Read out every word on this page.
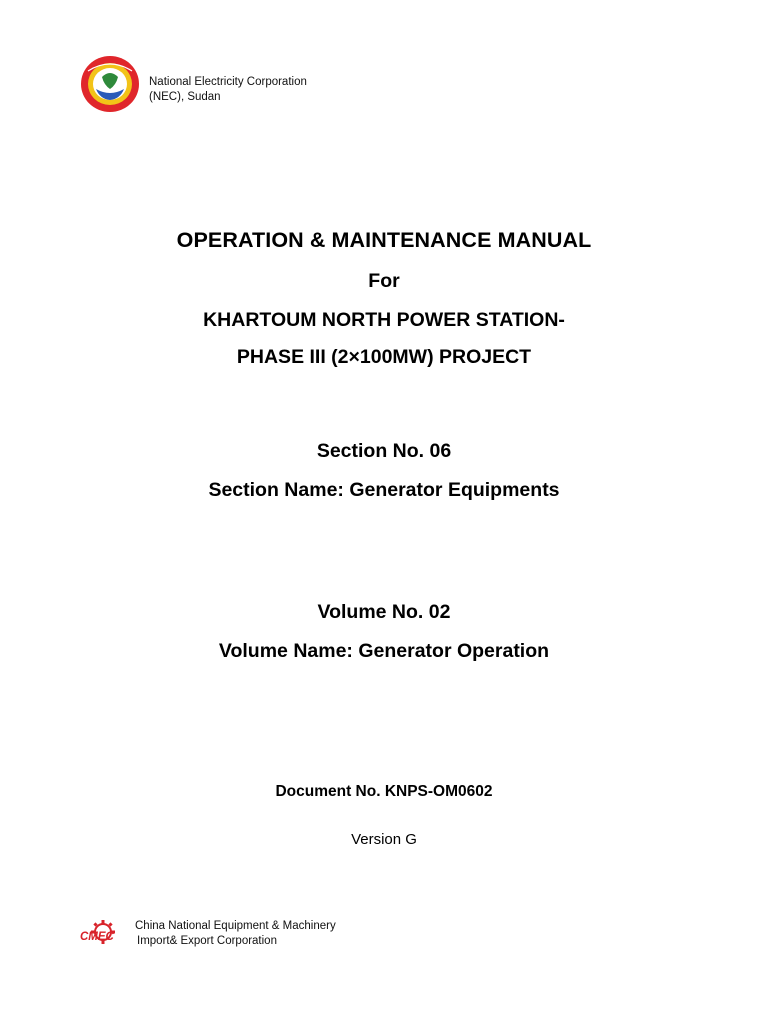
National Electricity Corporation
(NEC), Sudan
OPERATION & MAINTENANCE MANUAL
For
KHARTOUM NORTH POWER STATION-
PHASE III (2×100MW) PROJECT
Section No. 06
Section Name: Generator Equipments
Volume No. 02
Volume Name: Generator Operation
Document No. KNPS-OM0602
Version G
CMEC
China National Equipment & Machinery
Import& Export Corporation
